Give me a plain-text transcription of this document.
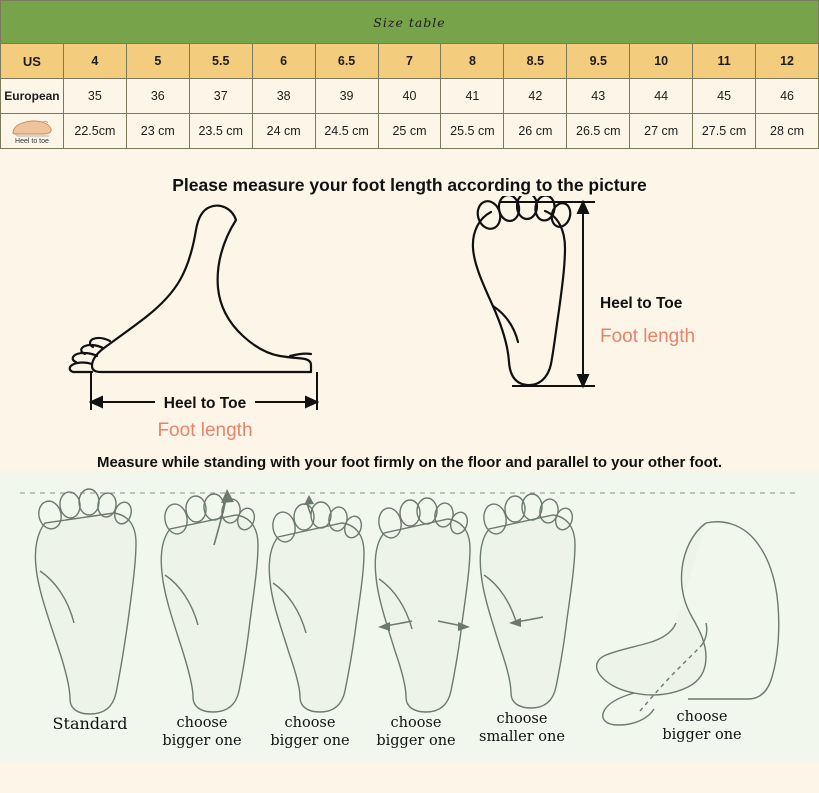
Size table												
US	4	5	5.5	6	6.5	7	8	8.5	9.5	10	11	12
European	35	36	37	38	39	40	41	42	43	44	45	46

Heel to toe	22.5cm	23 cm	23.5 cm	24 cm	24.5 cm	25 cm	25.5 cm	26 cm	26.5 cm	27 cm	27.5 cm	28 cm
Please measure your foot length according to the picture
Heel to Toe
Foot length
Heel to Toe
Foot length
Measure while standing with your foot firmly on the floor and parallel to your other foot.
Standard	choose
bigger one
choose
bigger one
choose
bigger one
choose
smaller one
choose
bigger one
